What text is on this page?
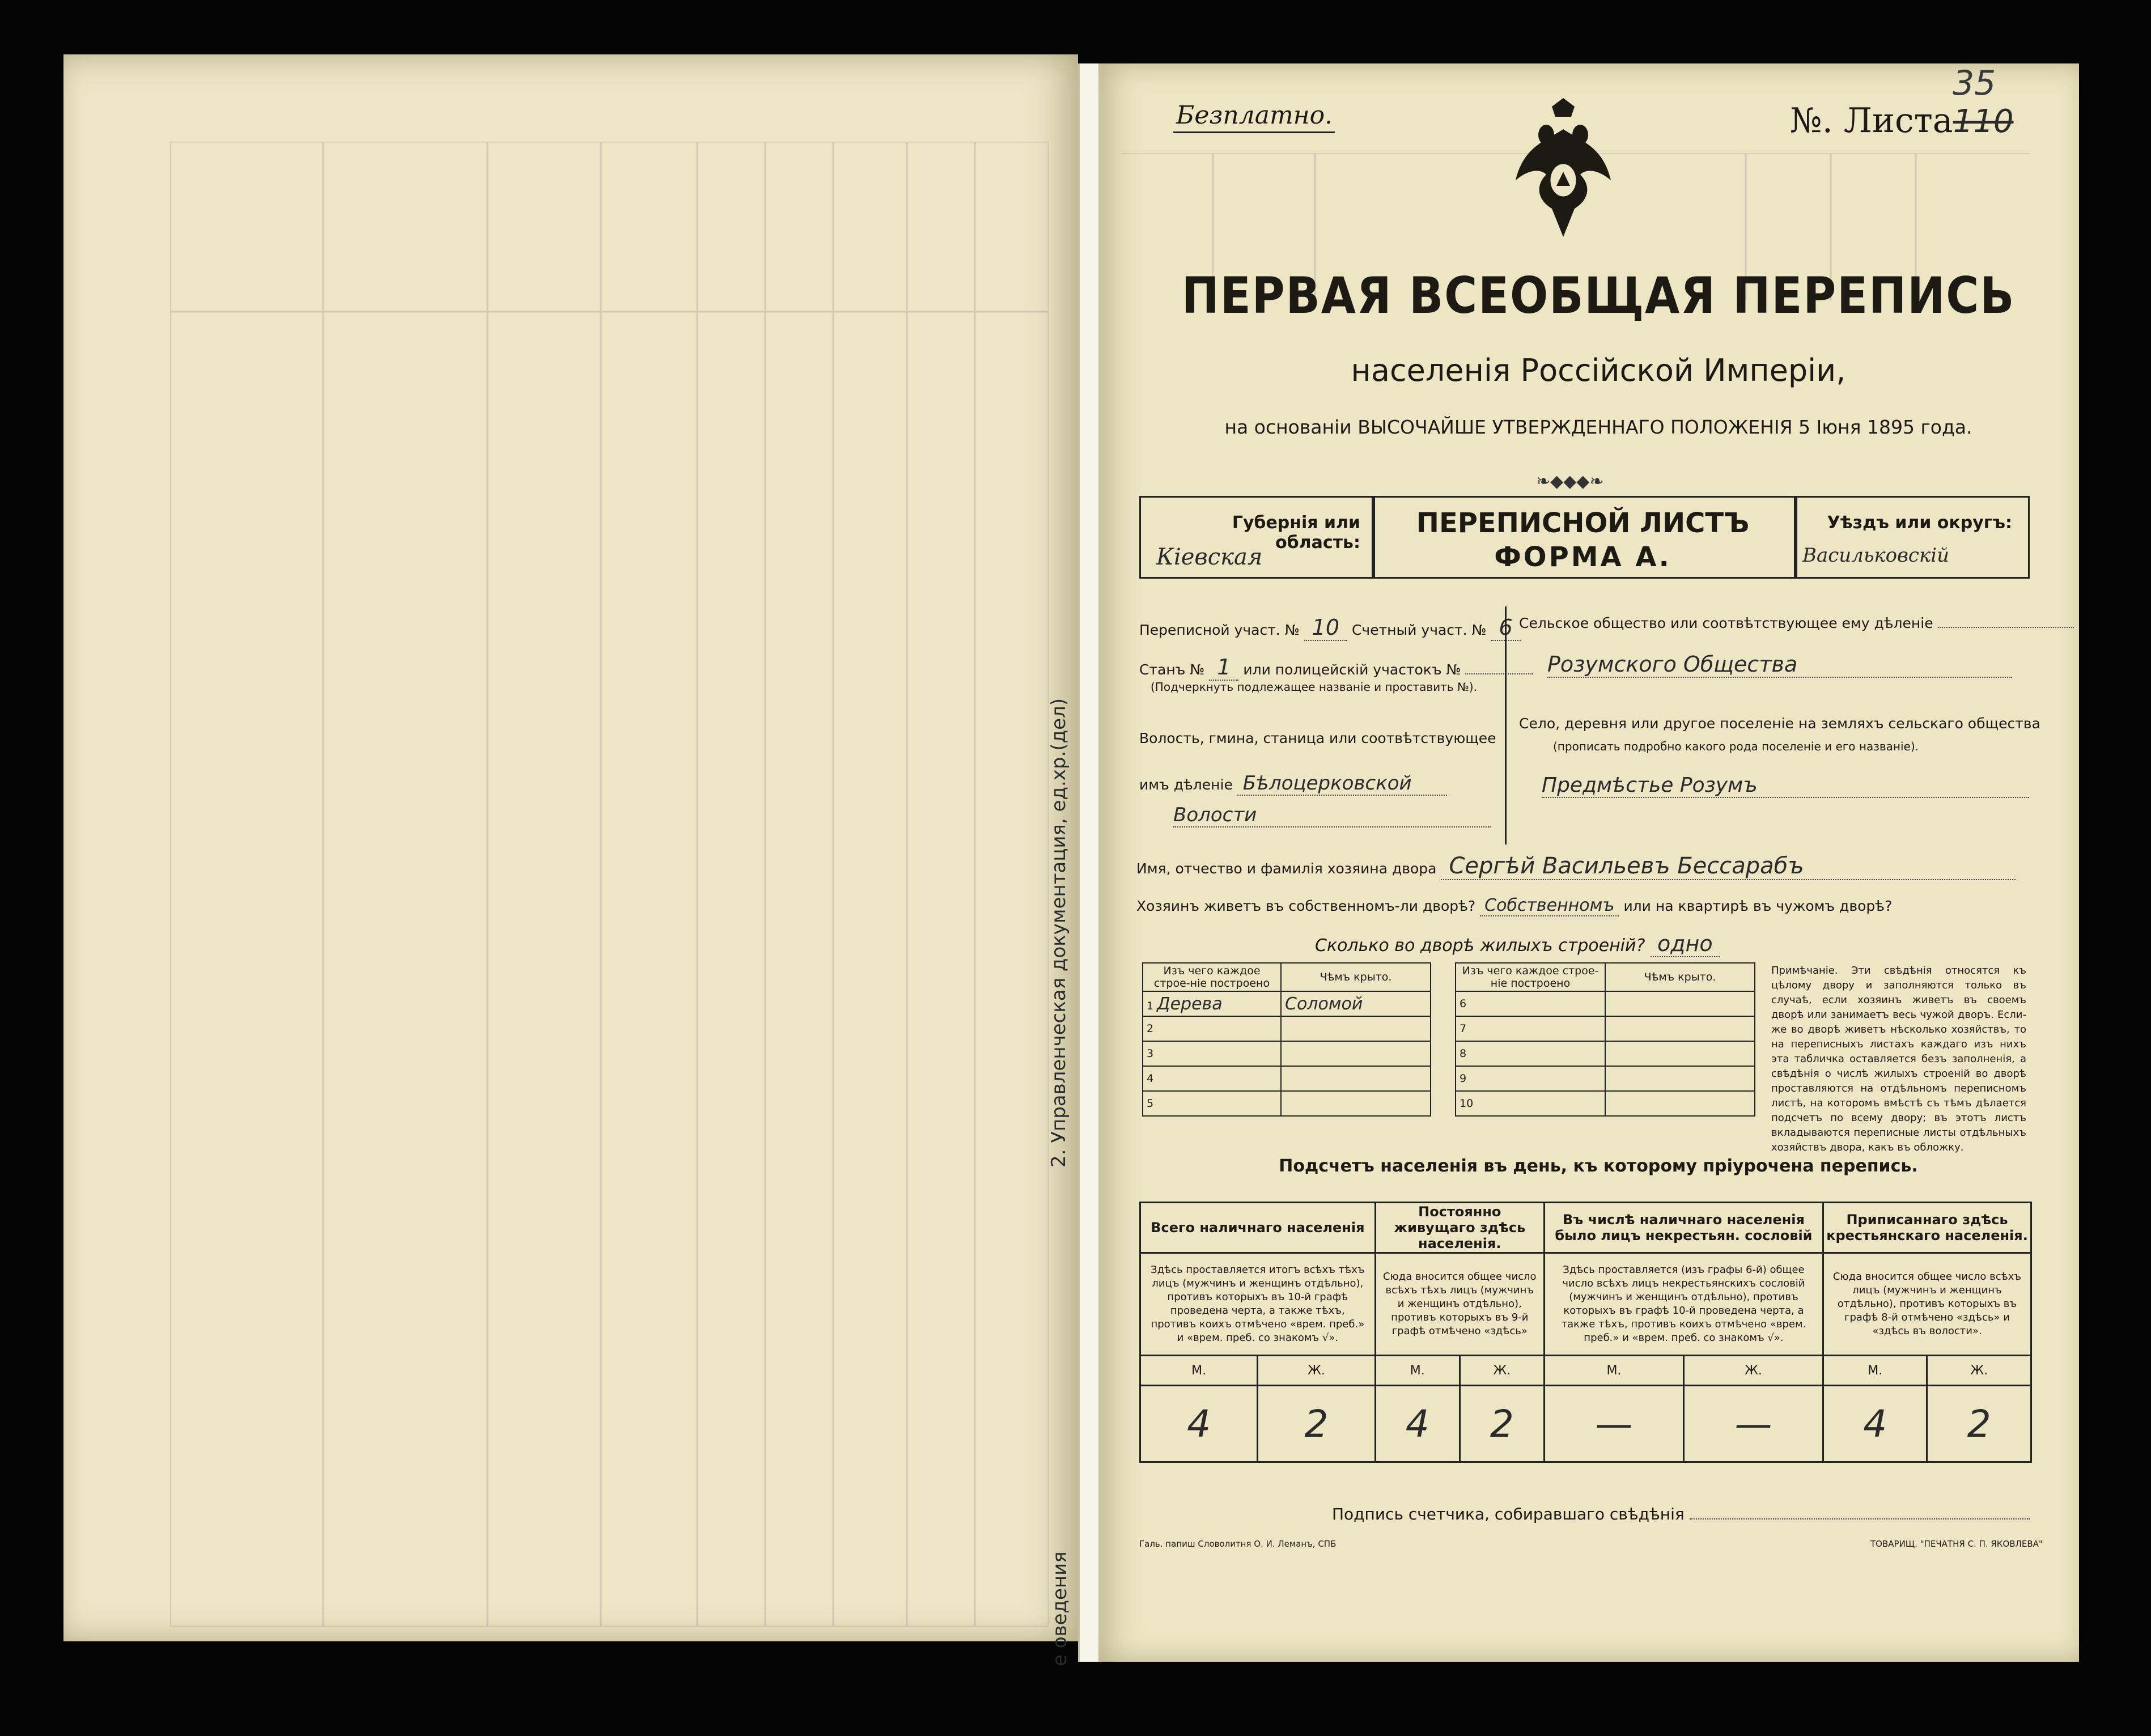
2. Управленческая документация, ед.хр.(дел)
е оведения
Безплатно.	№. Листа110
35
ПЕРВАЯ ВСЕОБЩАЯ ПЕРЕПИСЬ
населенія Россійской Имперіи,
на основаніи ВЫСОЧАЙШЕ УТВЕРЖДЕННАГО ПОЛОЖЕНІЯ 5 Іюня 1895 года.
❧◆◆◆❧
Губернія или область:
Кіевская
ПЕРЕПИСНОЙ ЛИСТЪ
ФОРМА А.
Уѣздъ или округъ:
Васильковскій
Переписной участ. № 10 Счетный участ. № 6
Станъ № 1 или полицейскій участокъ №
(Подчеркнуть подлежащее названіе и проставить №).
Волость, гмина, станица или соотвѣтствующее
имъ дѣленіе Бѣлоцерковской
Волости
Сельское общество или соотвѣтствующее ему дѣленіе
Розумского Общества
Село, деревня или другое поселеніе на земляхъ сельскаго общества
(прописать подробно какого рода поселеніе и его названіе).
Предмѣстье Розумъ
Имя, отчество и фамилія хозяина двора Сергѣй Васильевъ Бессарабъ
Хозяинъ живетъ въ собственномъ-ли дворѣ? Собственномъ или на квартирѣ въ чужомъ дворѣ?
Сколько во дворѣ жилыхъ строеній? одно
Изъ чего каждое строе-ніе построено	Чѣмъ крыто.		Изъ чего каждое строе-ніе построено	Чѣмъ крыто.
1 Дерева	Соломой		6	
2			7	
3			8	
4			9	
5			10	
Примѣчаніе. Эти свѣдѣнія относятся къ цѣлому двору и заполняются только въ случаѣ, если хозяинъ живетъ въ своемъ дворѣ или занимаетъ весь чужой дворъ. Если-же во дворѣ живетъ нѣсколько хозяйствъ, то на переписныхъ листахъ каждаго изъ нихъ эта табличка оставляется безъ заполненія, а свѣдѣнія о числѣ жилыхъ строеній во дворѣ проставляются на отдѣльномъ переписномъ листѣ, на которомъ вмѣстѣ съ тѣмъ дѣлается подсчетъ по всему двору; въ этотъ листъ вкладываются переписные листы отдѣльныхъ хозяйствъ двора, какъ въ обложку.
Подсчетъ населенія въ день, къ которому пріурочена перепись.
Всего наличнаго населенія		Постоянно живущаго здѣсь населенія.		Въ числѣ наличнаго населенія было лицъ некрестьян. сословій		Приписаннаго здѣсь крестьянскаго населенія.	
Здѣсь проставляется итогъ всѣхъ тѣхъ лицъ (мужчинъ и женщинъ отдѣльно), противъ которыхъ въ 10-й графѣ проведена черта, а также тѣхъ, противъ коихъ отмѣчено «врем. преб.» и «врем. преб. со знакомъ √».		Сюда вносится общее число всѣхъ тѣхъ лицъ (мужчинъ и женщинъ отдѣльно), противъ которыхъ въ 9-й графѣ отмѣчено «здѣсь»		Здѣсь проставляется (изъ графы 6-й) общее число всѣхъ лицъ некрестьянскихъ сословій (мужчинъ и женщинъ отдѣльно), противъ которыхъ въ графѣ 10-й проведена черта, а также тѣхъ, противъ коихъ отмѣчено «врем. преб.» и «врем. преб. со знакомъ √».		Сюда вносится общее число всѣхъ лицъ (мужчинъ и женщинъ отдѣльно), противъ которыхъ въ графѣ 8-й отмѣчено «здѣсь» и «здѣсь въ волости».	
М.	Ж.	М.	Ж.	М.	Ж.	М.	Ж.
4	2	4	2	—	—	4	2
Подпись счетчика, собиравшаго свѣдѣнія
Галь. папиш Словолитня О. И. Леманъ, СПБ	ТОВАРИЩ. "ПЕЧАТНЯ С. П. ЯКОВЛЕВА"
